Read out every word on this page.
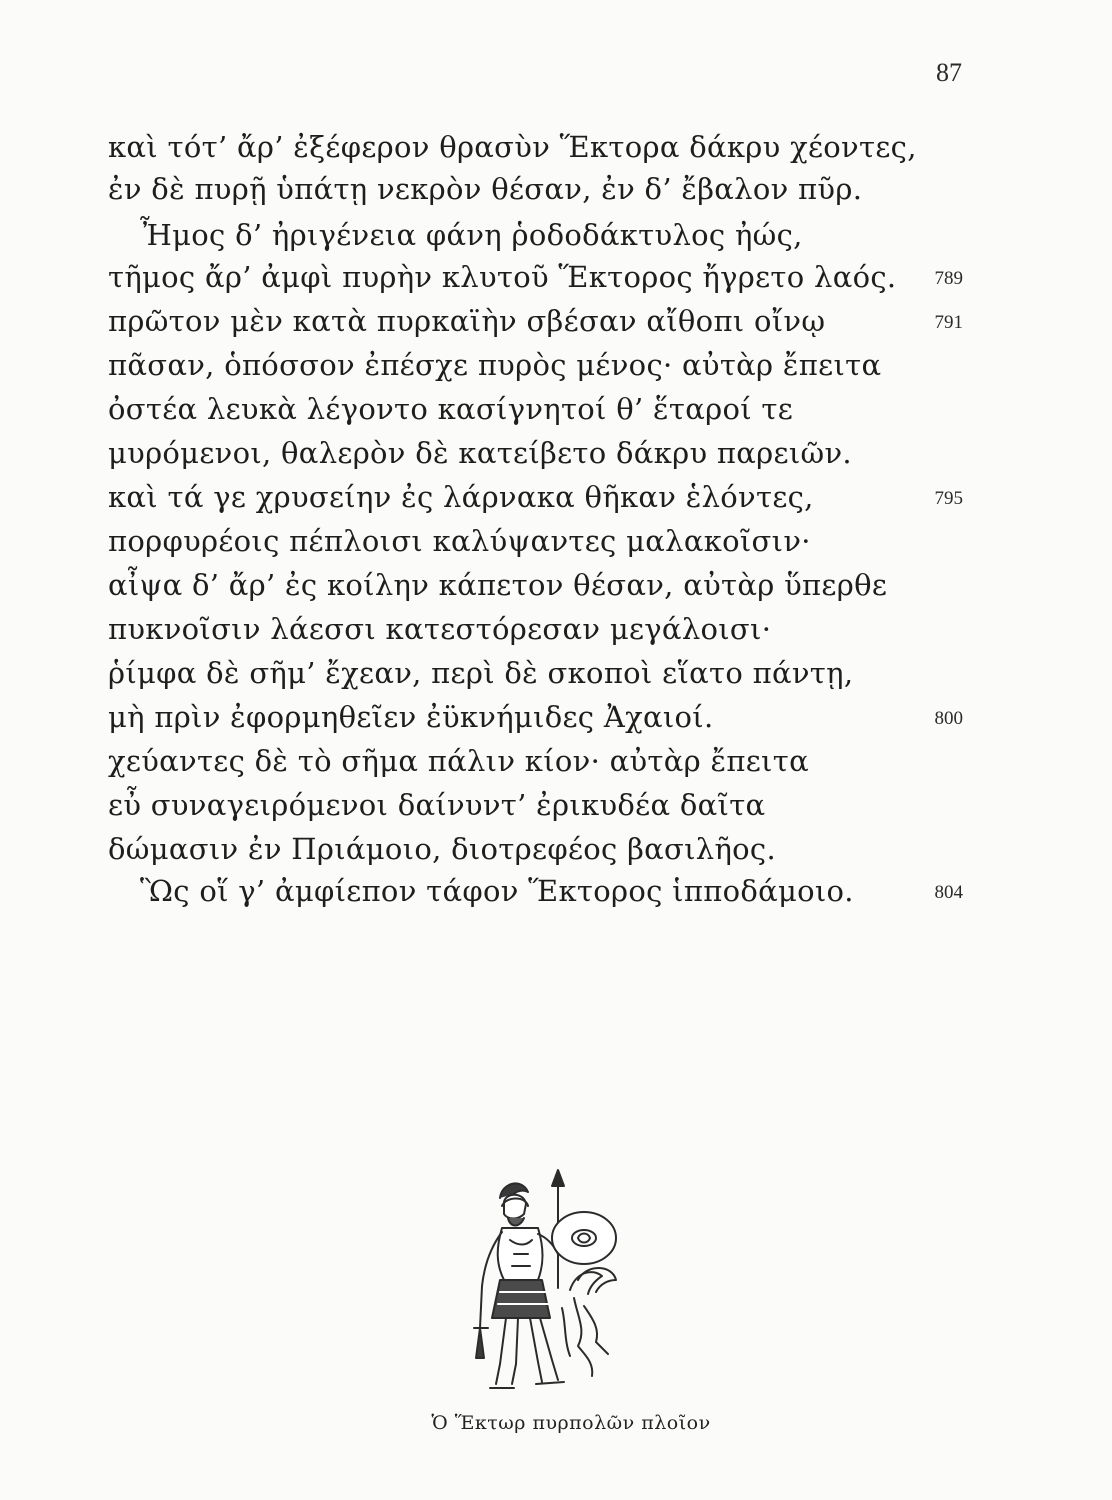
87
καὶ τότ’ ἄρ’ ἐξέφερον θρασὺν Ἕκτορα δάκρυ χέοντες,
ἐν δὲ πυρῇ ὑπάτῃ νεκρὸν θέσαν, ἐν δ’ ἔβαλον πῦρ.
Ἦμος δ’ ἠριγένεια φάνη ῥοδοδάκτυλος ἠώς,
τῆμος ἄρ’ ἀμφὶ πυρὴν κλυτοῦ Ἕκτορος ἤγρετο λαός.	789
πρῶτον μὲν κατὰ πυρκαϊὴν σβέσαν αἴθοπι οἴνῳ	791
πᾶσαν, ὁπόσσον ἐπέσχε πυρὸς μένος· αὐτὰρ ἔπειτα
ὀστέα λευκὰ λέγοντο κασίγνητοί θ’ ἕταροί τε
μυρόμενοι, θαλερὸν δὲ κατείβετο δάκρυ παρειῶν.
καὶ τά γε χρυσείην ἐς λάρνακα θῆκαν ἑλόντες,	795
πορφυρέοις πέπλοισι καλύψαντες μαλακοῖσιν·
αἶψα δ’ ἄρ’ ἐς κοίλην κάπετον θέσαν, αὐτὰρ ὕπερθε
πυκνοῖσιν λάεσσι κατεστόρεσαν μεγάλοισι·
ῥίμφα δὲ σῆμ’ ἔχεαν, περὶ δὲ σκοποὶ εἵατο πάντῃ,
μὴ πρὶν ἐφορμηθεῖεν ἐϋκνήμιδες Ἀχαιοί.	800
χεύαντες δὲ τὸ σῆμα πάλιν κίον· αὐτὰρ ἔπειτα
εὖ συναγειρόμενοι δαίνυντ’ ἐρικυδέα δαῖτα
δώμασιν ἐν Πριάμοιο, διοτρεφέος βασιλῆος.
Ὣς οἵ γ’ ἀμφίεπον τάφον Ἕκτορος ἱπποδάμοιο.	804
Ὁ Ἕκτωρ πυρπολῶν πλοῖον
